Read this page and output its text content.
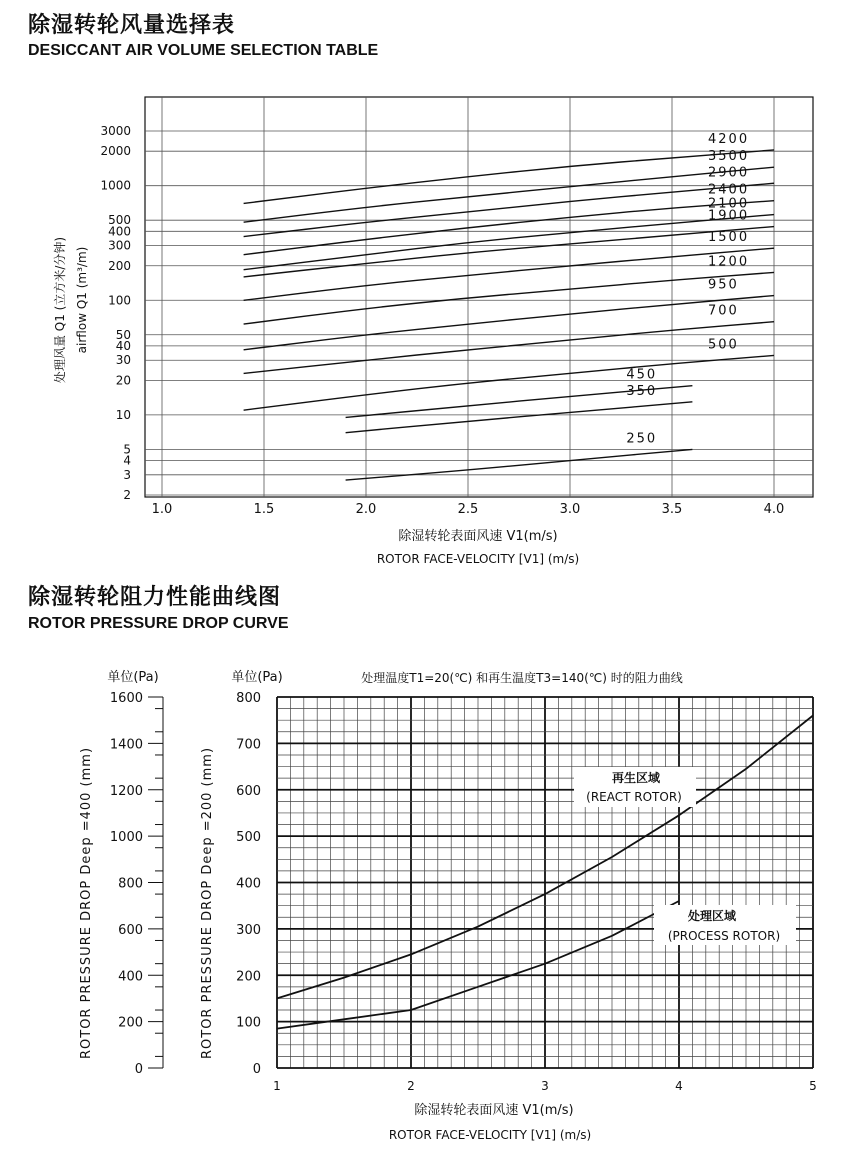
除湿转轮风量选择表
DESICCANT AIR VOLUME SELECTION TABLE
除湿转轮阻力性能曲线图
ROTOR PRESSURE DROP CURVE
1.0	1.5	2.0	2.5	3.0	3.5	4.0
2
3
4
5
10
20
30
40
50
100
200
300
400
500
1000
2000
3000
4200
3500
2900
2400
2100
1900
1500
1200
950
700
500
450
350
250
除湿转轮表面风速 V1(m/s)
ROTOR FACE-VELOCITY [V1] (m/s)
处理风量 Q1 (立方米/分钟) airflow Q1 (m³/m)
1	2	3	4	5
0
100
200
300
400
500
600
700
800
0
200
400
600
800
1000
1200
1400
1600
单位(Pa)	单位(Pa)	处理温度T1=20(℃) 和再生温度T3=140(℃) 时的阻力曲线
再生区域
(REACT ROTOR)
处理区域
(PROCESS ROTOR)
ROTOR PRESSURE DROP Deep =400 (mm)	ROTOR PRESSURE DROP Deep =200 (mm)
除湿转轮表面风速 V1(m/s)
ROTOR FACE-VELOCITY [V1] (m/s)
